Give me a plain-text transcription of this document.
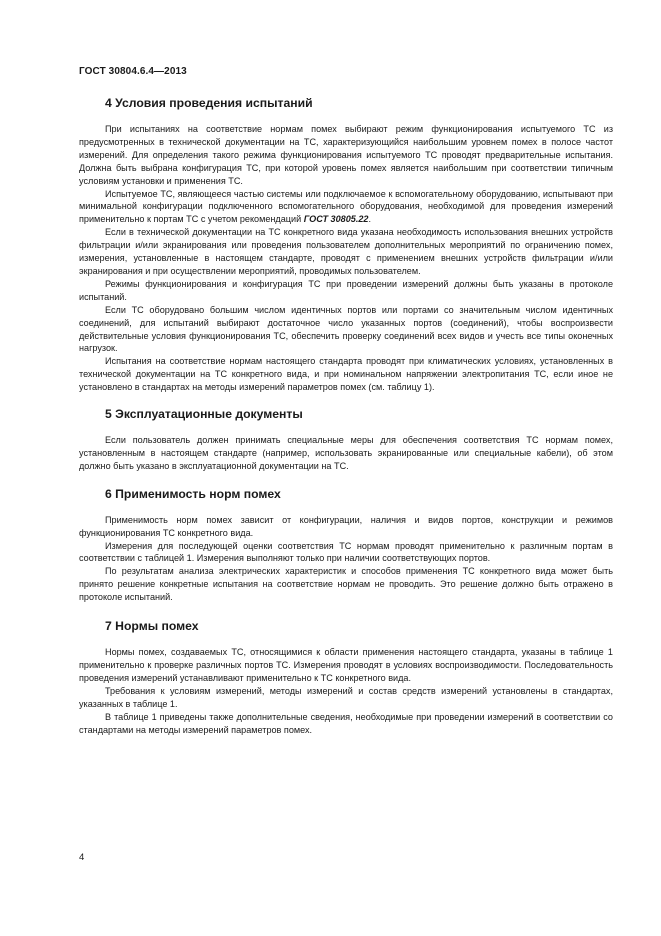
ГОСТ 30804.6.4—2013
4 Условия проведения испытаний

При испытаниях на соответствие нормам помех выбирают режим функционирования испытуемого ТС из предусмотренных в технической документации на ТС, характеризующийся наибольшим уровнем помех в полосе частот измерений. Для определения такого режима функционирования испытуемого ТС проводят предварительные испытания. Должна быть выбрана конфигурация ТС, при которой уровень помех является наибольшим при соответствии типичным условиям установки и применения ТС.

Испытуемое ТС, являющееся частью системы или подключаемое к вспомогательному оборудованию, испытывают при минимальной конфигурации подключенного вспомогательного оборудования, необходимой для проведения измерений применительно к портам ТС с учетом рекомендаций ГОСТ 30805.22.

Если в технической документации на ТС конкретного вида указана необходимость использования внешних устройств фильтрации и/или экранирования или проведения пользователем дополнительных мероприятий по ограничению помех, измерения, установленные в настоящем стандарте, проводят с применением внешних устройств фильтрации и/или экранирования и при осуществлении мероприятий, проводимых пользователем.

Режимы функционирования и конфигурация ТС при проведении измерений должны быть указаны в протоколе испытаний.

Если ТС оборудовано большим числом идентичных портов или портами со значительным числом идентичных соединений, для испытаний выбирают достаточное число указанных портов (соединений), чтобы воспроизвести действительные условия функционирования ТС, обеспечить проверку соединений всех видов и учесть все типы оконечных нагрузок.

Испытания на соответствие нормам настоящего стандарта проводят при климатических условиях, установленных в технической документации на ТС конкретного вида, и при номинальном напряжении электропитания ТС, если иное не установлено в стандартах на методы измерений параметров помех (см. таблицу 1).

5 Эксплуатационные документы

Если пользователь должен принимать специальные меры для обеспечения соответствия ТС нормам помех, установленным в настоящем стандарте (например, использовать экранированные или специальные кабели), об этом должно быть указано в эксплуатационной документации на ТС.

6 Применимость норм помех

Применимость норм помех зависит от конфигурации, наличия и видов портов, конструкции и режимов функционирования ТС конкретного вида.

Измерения для последующей оценки соответствия ТС нормам проводят применительно к различным портам в соответствии с таблицей 1. Измерения выполняют только при наличии соответствующих портов.

По результатам анализа электрических характеристик и способов применения ТС конкретного вида может быть принято решение конкретные испытания на соответствие нормам не проводить. Это решение должно быть отражено в протоколе испытаний.

7 Нормы помех

Нормы помех, создаваемых ТС, относящимися к области применения настоящего стандарта, указаны в таблице 1 применительно к проверке различных портов ТС. Измерения проводят в условиях воспроизводимости. Последовательность проведения измерений устанавливают применительно к ТС конкретного вида.

Требования к условиям измерений, методы измерений и состав средств измерений установлены в стандартах, указанных в таблице 1.

В таблице 1 приведены также дополнительные сведения, необходимые при проведении измерений в соответствии со стандартами на методы измерений параметров помех.

4
